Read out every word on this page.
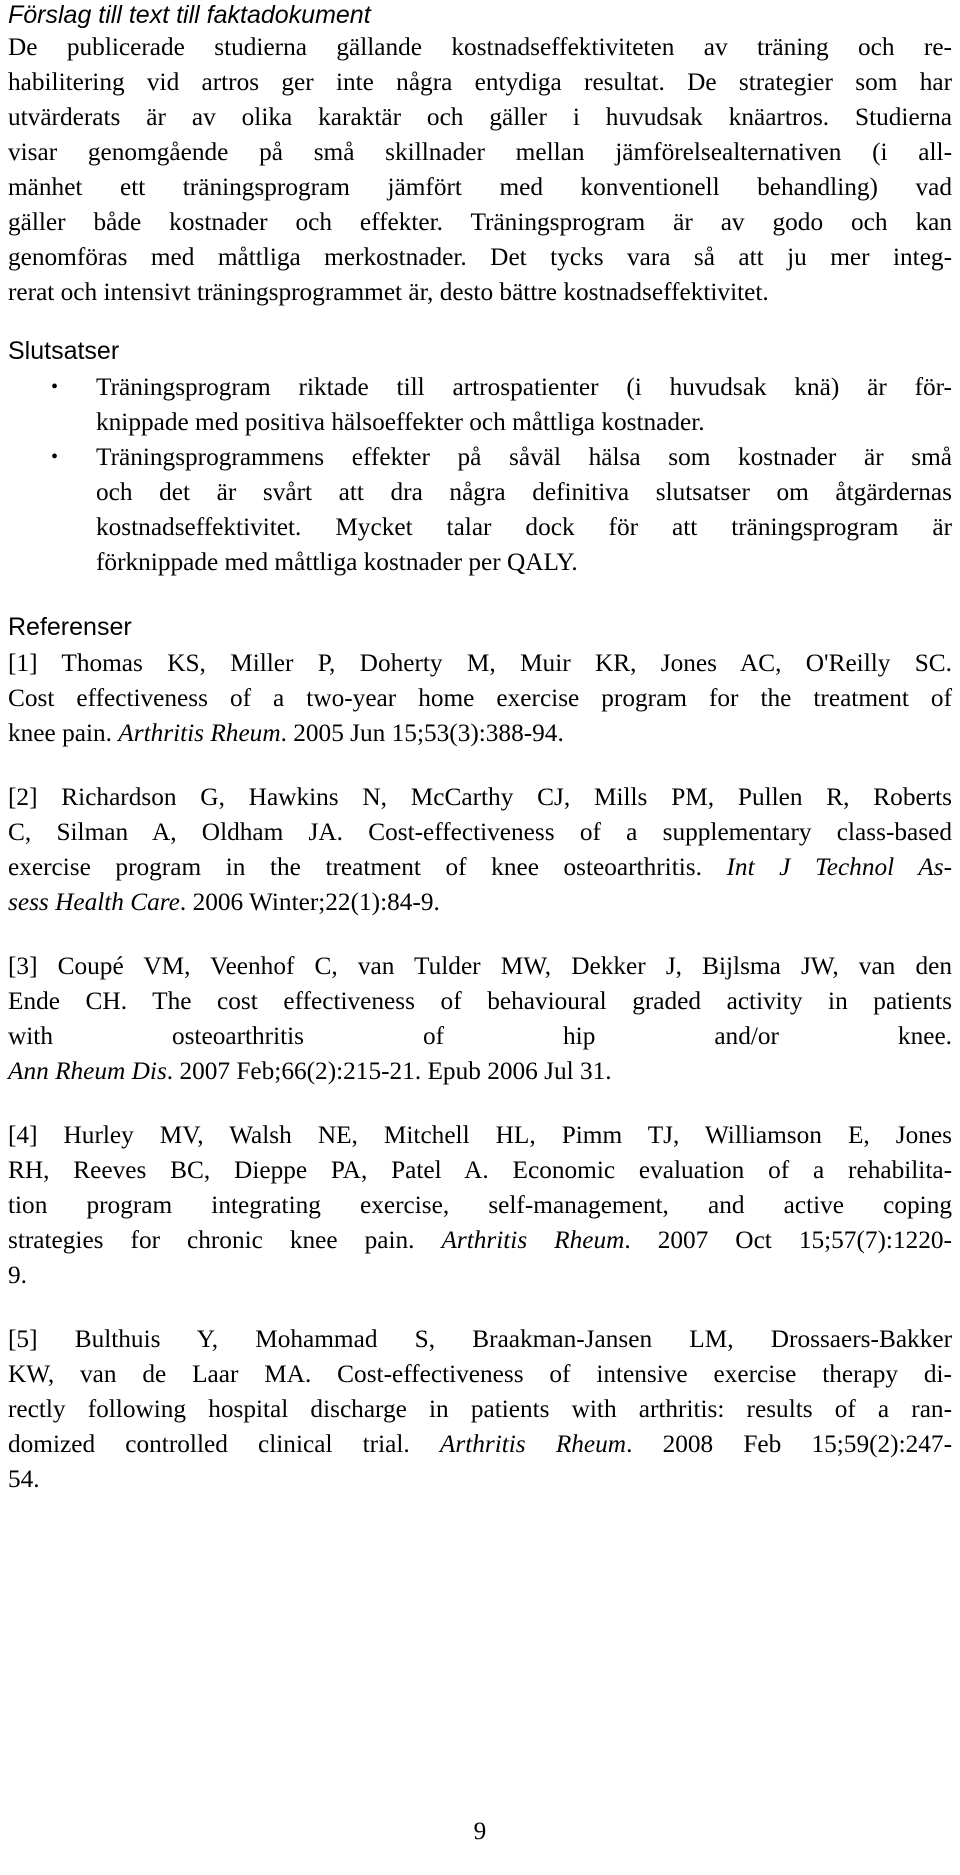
Förslag till text till faktadokument
De publicerade studierna gällande kostnadseffektiviteten av träning och re-
habilitering vid artros ger inte några entydiga resultat. De strategier som har
utvärderats är av olika karaktär och gäller i huvudsak knäartros. Studierna
visar genomgående på små skillnader mellan jämförelsealternativen (i all-
mänhet ett träningsprogram jämfört med konventionell behandling) vad
gäller både kostnader och effekter. Träningsprogram är av godo och kan
genomföras med måttliga merkostnader. Det tycks vara så att ju mer integ-
rerat och intensivt träningsprogrammet är, desto bättre kostnadseffektivitet.
Slutsatser
• Träningsprogram riktade till artrospatienter (i huvudsak knä) är för-
knippade med positiva hälsoeffekter och måttliga kostnader.
• Träningsprogrammens effekter på såväl hälsa som kostnader är små
och det är svårt att dra några definitiva slutsatser om åtgärdernas
kostnadseffektivitet. Mycket talar dock för att träningsprogram är
förknippade med måttliga kostnader per QALY.
Referenser
[1] Thomas KS, Miller P, Doherty M, Muir KR, Jones AC, O'Reilly SC.
Cost effectiveness of a two-year home exercise program for the treatment of
knee pain. Arthritis Rheum. 2005 Jun 15;53(3):388-94.
[2] Richardson G, Hawkins N, McCarthy CJ, Mills PM, Pullen R, Roberts
C, Silman A, Oldham JA. Cost-effectiveness of a supplementary class-based
exercise program in the treatment of knee osteoarthritis. Int J Technol As-
sess Health Care. 2006 Winter;22(1):84-9.
[3] Coupé VM, Veenhof C, van Tulder MW, Dekker J, Bijlsma JW, van den
Ende CH. The cost effectiveness of behavioural graded activity in patients
with osteoarthritis of hip and/or knee.
Ann Rheum Dis. 2007 Feb;66(2):215-21. Epub 2006 Jul 31.
[4] Hurley MV, Walsh NE, Mitchell HL, Pimm TJ, Williamson E, Jones
RH, Reeves BC, Dieppe PA, Patel A. Economic evaluation of a rehabilita-
tion program integrating exercise, self-management, and active coping
strategies for chronic knee pain. Arthritis Rheum. 2007 Oct 15;57(7):1220-
9.
[5] Bulthuis Y, Mohammad S, Braakman-Jansen LM, Drossaers-Bakker
KW, van de Laar MA. Cost-effectiveness of intensive exercise therapy di-
rectly following hospital discharge in patients with arthritis: results of a ran-
domized controlled clinical trial. Arthritis Rheum. 2008 Feb 15;59(2):247-
54.
9
